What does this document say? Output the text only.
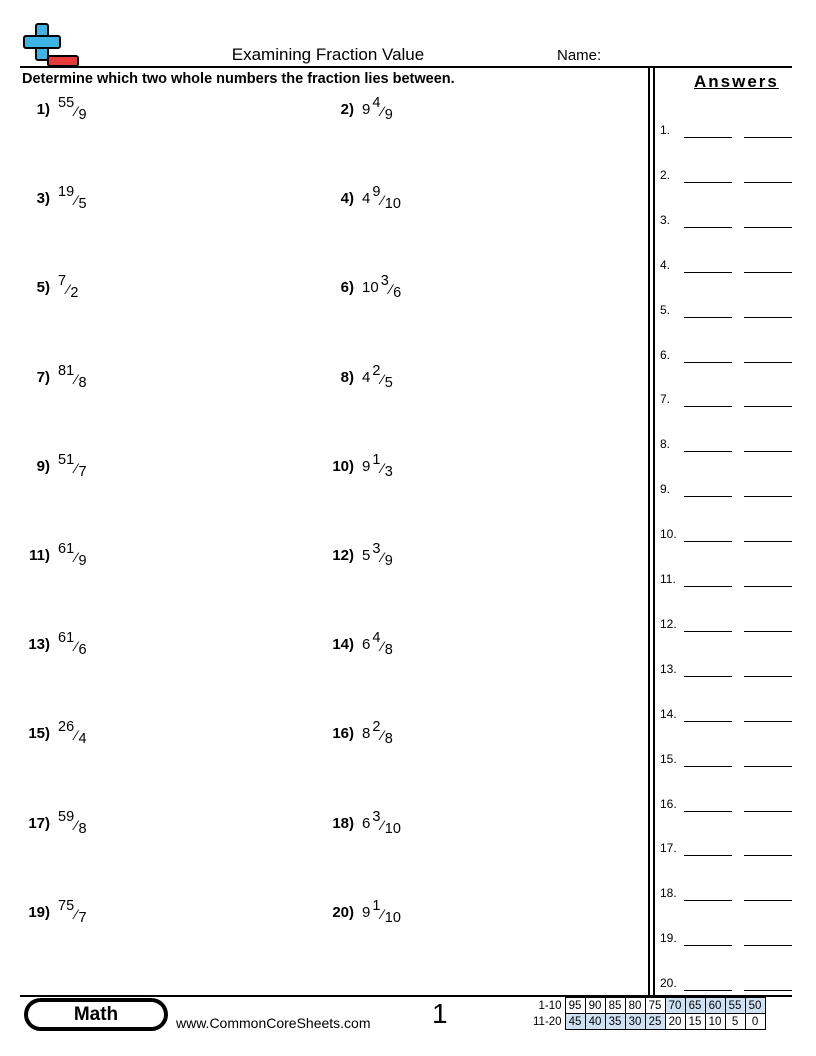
Examining Fraction Value	Name:
Determine which two whole numbers the fraction lies between.
1) 55⁄9	2) 9 4⁄9
3) 19⁄5	4) 4 9⁄10
5) 7⁄2	6) 10 3⁄6
7) 81⁄8	8) 4 2⁄5
9) 51⁄7	10) 9 1⁄3
11) 61⁄9	12) 5 3⁄9
13) 61⁄6	14) 6 4⁄8
15) 26⁄4	16) 8 2⁄8
17) 59⁄8	18) 6 3⁄10
19) 75⁄7	20) 9 1⁄10
Answers
1.
2.
3.
4.
5.
6.
7.
8.
9.
10.
11.
12.
13.
14.
15.
16.
17.
18.
19.
20.
Math	www.CommonCoreSheets.com 1	1-10	95	90	85	80	75	70	65	60	55	50
11-20	45	40	35	30	25	20	15	10	5	0
